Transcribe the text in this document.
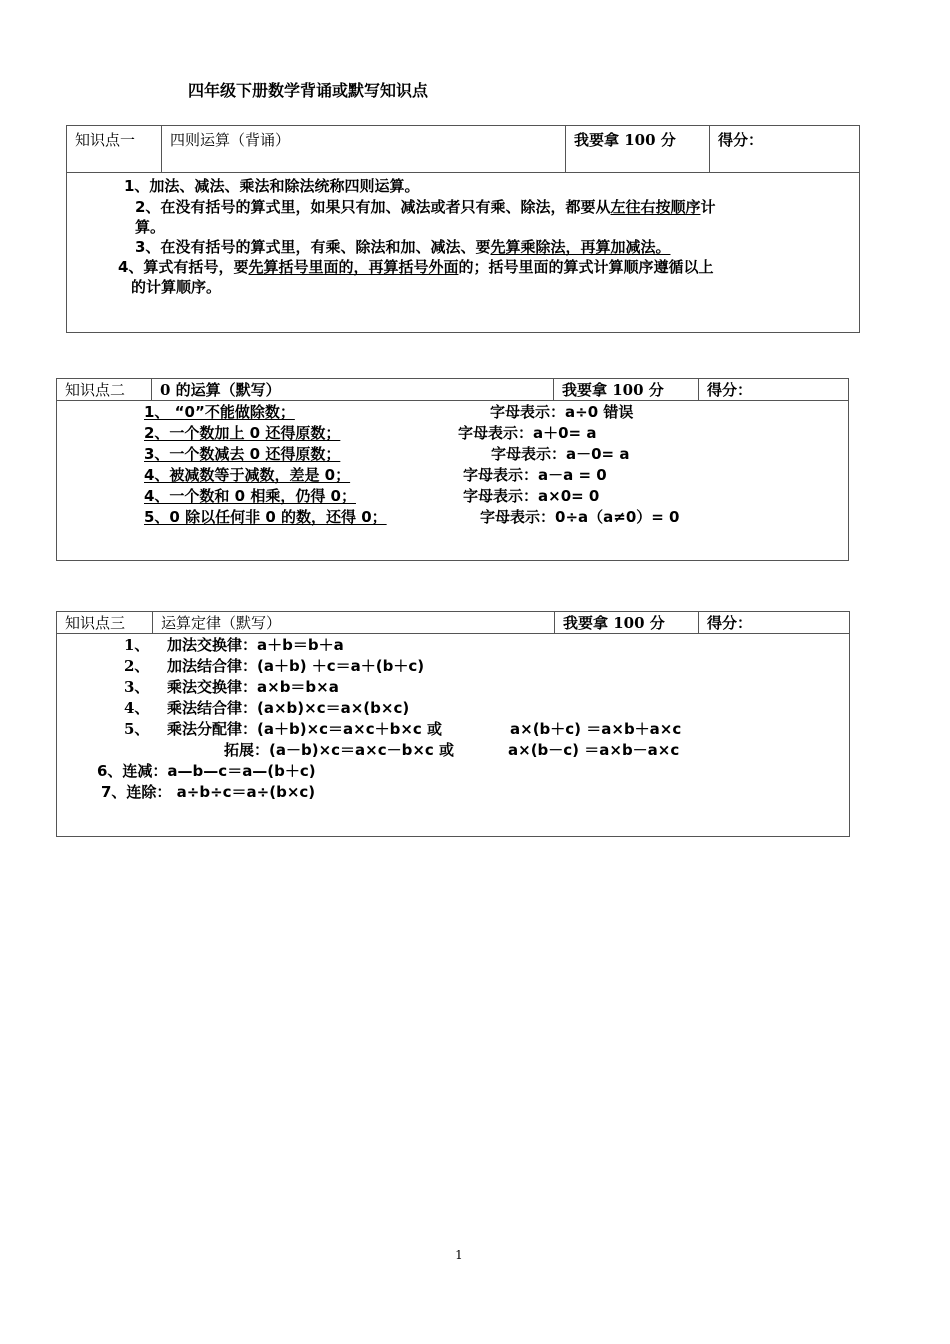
四年级下册数学背诵或默写知识点
知识点一	四则运算（背诵）	我要拿 100 分	得分：
1、加法、减法、乘法和除法统称四则运算。
2、在没有括号的算式里，如果只有加、减法或者只有乘、除法，都要从左往右按顺序计
算。
3、在没有括号的算式里，有乘、除法和加、减法、要先算乘除法，再算加减法。
4、算式有括号，要先算括号里面的，再算括号外面的；括号里面的算式计算顺序遵循以上
的计算顺序。
知识点二	0 的运算（默写）	我要拿 100 分	得分：
1、 “0”不能做除数；	字母表示：a÷0 错误
2、一个数加上 0 还得原数；	字母表示：a＋0= a
3、一个数减去 0 还得原数；	字母表示：a－0= a
4、被减数等于减数，差是 0；	字母表示：a－a = 0
4、一个数和 0 相乘，仍得 0；	字母表示：a×0= 0
5、0 除以任何非 0 的数，还得 0；	字母表示：0÷a（a≠0）= 0
知识点三	运算定律（默写）	我要拿 100 分	得分：
1、 加法交换律：a＋b＝b＋a
2、 加法结合律：(a＋b) ＋c＝a＋(b＋c)
3、 乘法交换律：a×b＝b×a
4、 乘法结合律：(a×b)×c＝a×(b×c)
5、 乘法分配律：(a＋b)×c＝a×c＋b×c 或	a×(b＋c) ＝a×b＋a×c
拓展：(a－b)×c＝a×c－b×c 或	a×(b－c) ＝a×b－a×c
6、连减：a—b—c＝a—(b＋c)
7、连除： a÷b÷c＝a÷(b×c)
1
